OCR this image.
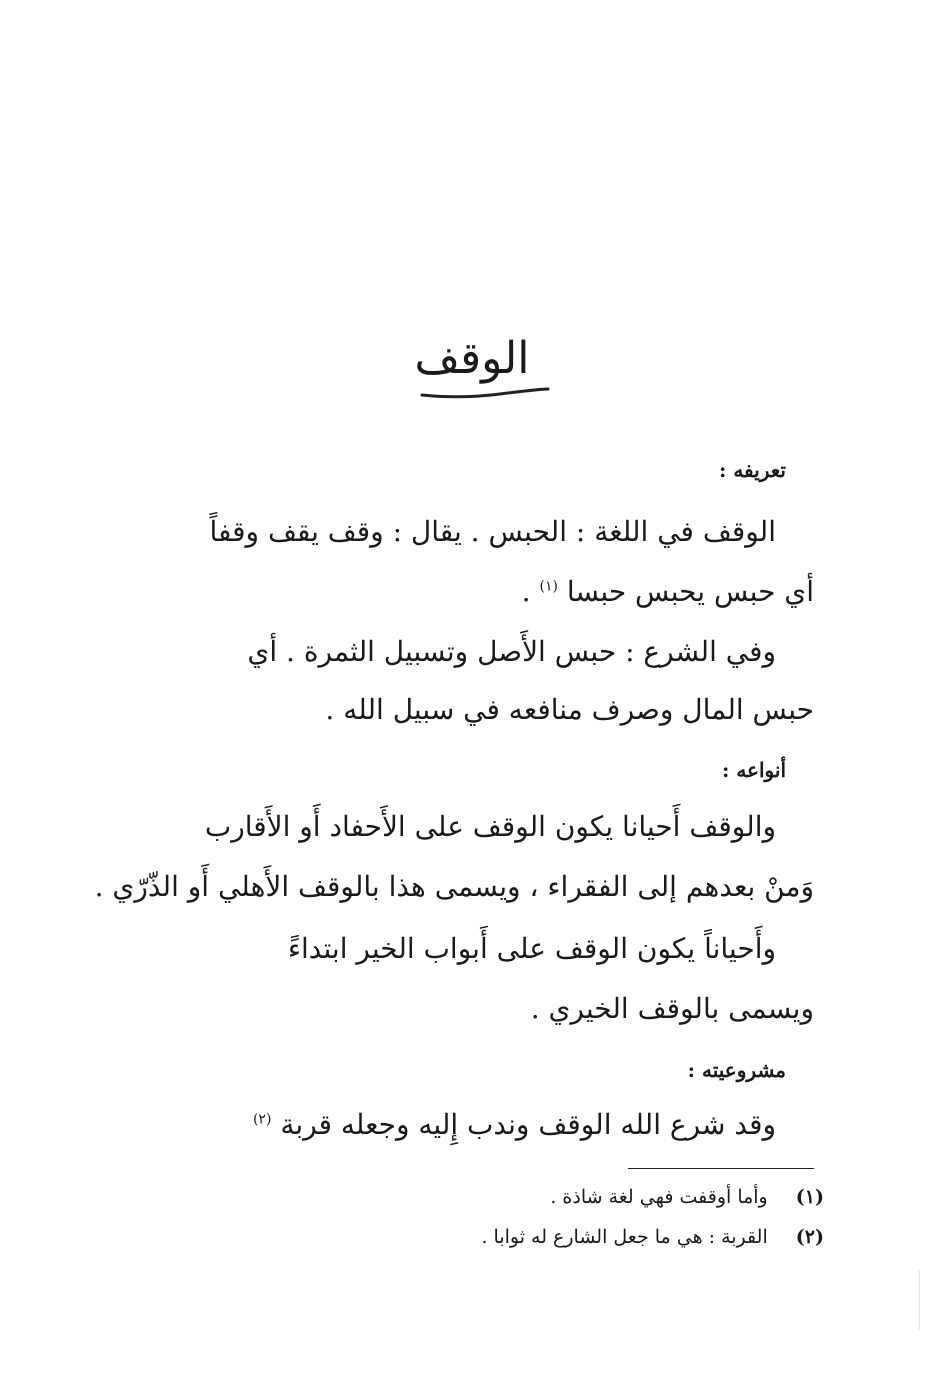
الوقف
تعريفه :
الوقف في اللغة : الحبس . يقال : وقف يقف وقفاً
أي حبس يحبس حبسا $^{(١)}$ .
وفي الشرع : حبس الأَصل وتسبيل الثمرة . أي
حبس المال وصرف منافعه في سبيل الله .
أنواعه :
والوقف أَحيانا يكون الوقف على الأَحفاد أَو الأَقارب
وَمنْ بعدهم إلى الفقراء ، ويسمى هذا بالوقف الأَهلي أَو الذّرّي .
وأَحياناً يكون الوقف على أَبواب الخير ابتداءً
ويسمى بالوقف الخيري .
مشروعيته :
وقد شرع الله الوقف وندب إِليه وجعله قربة $^{(٢)}$
(١) وأما أوقفت فهي لغة شاذة .
(٢) القربة : هي ما جعل الشارع له ثوابا .
